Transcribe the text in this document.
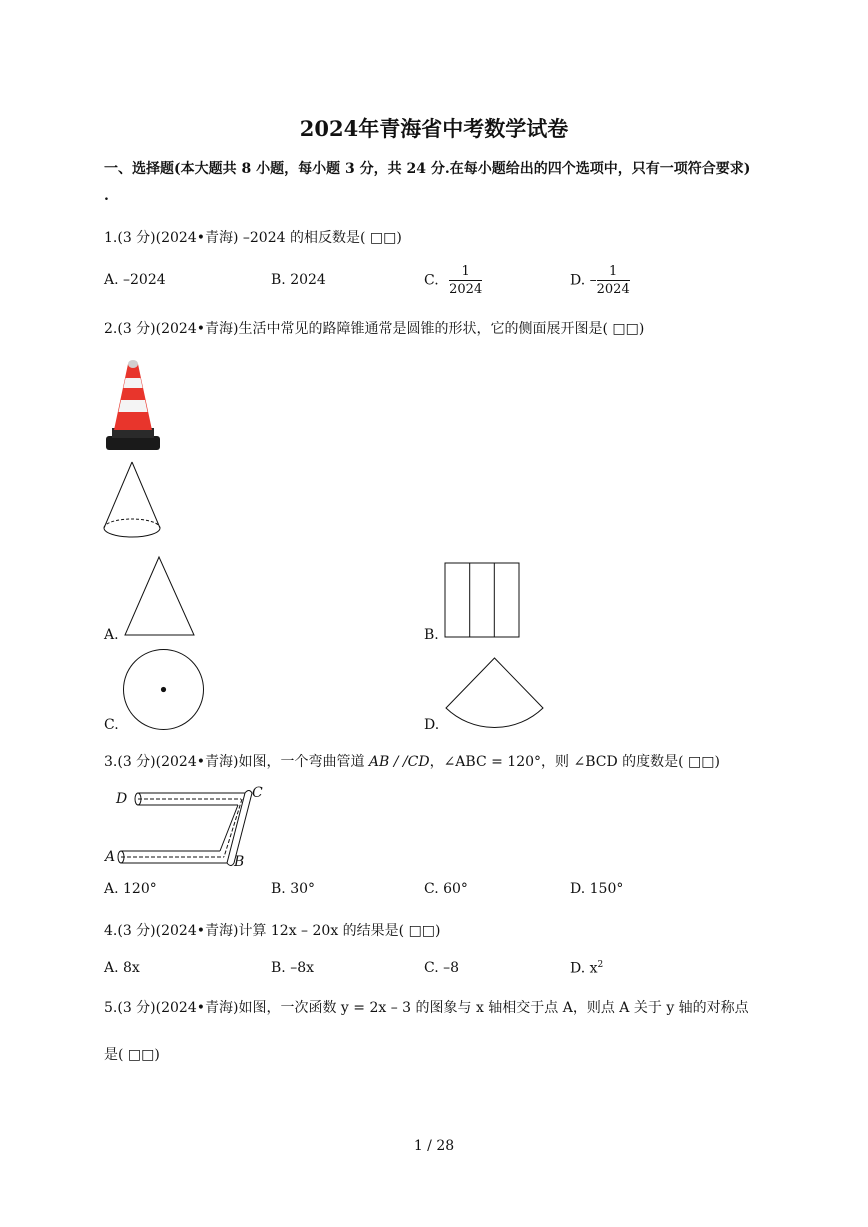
2024年青海省中考数学试卷
一、选择题(本大题共 8 小题，每小题 3 分，共 24 分.在每小题给出的四个选项中，只有一项符合要求)
.
1.(3 分)(2024•青海) –2024 的相反数是( □□)
A. –2024	B. 2024	C. $\frac{1}{2024}$	D. – $\frac{1}{2024}$
2.(3 分)(2024•青海)生活中常见的路障锥通常是圆锥的形状，它的侧面展开图是( □□)
A.	B.
C.	D.
3.(3 分)(2024•青海)如图，一个弯曲管道 AB / /CD，∠ABC = 120°，则 ∠BCD 的度数是( □□)
D	C
A	B
A. 120°	B. 30°	C. 60°	D. 150°
4.(3 分)(2024•青海)计算 12x – 20x 的结果是( □□)
A. 8x	B. –8x	C. –8	D. $x^2$
5.(3 分)(2024•青海)如图，一次函数 y = 2x – 3 的图象与 x 轴相交于点 A，则点 A 关于 y 轴的对称点
是( □□)
1 / 28
